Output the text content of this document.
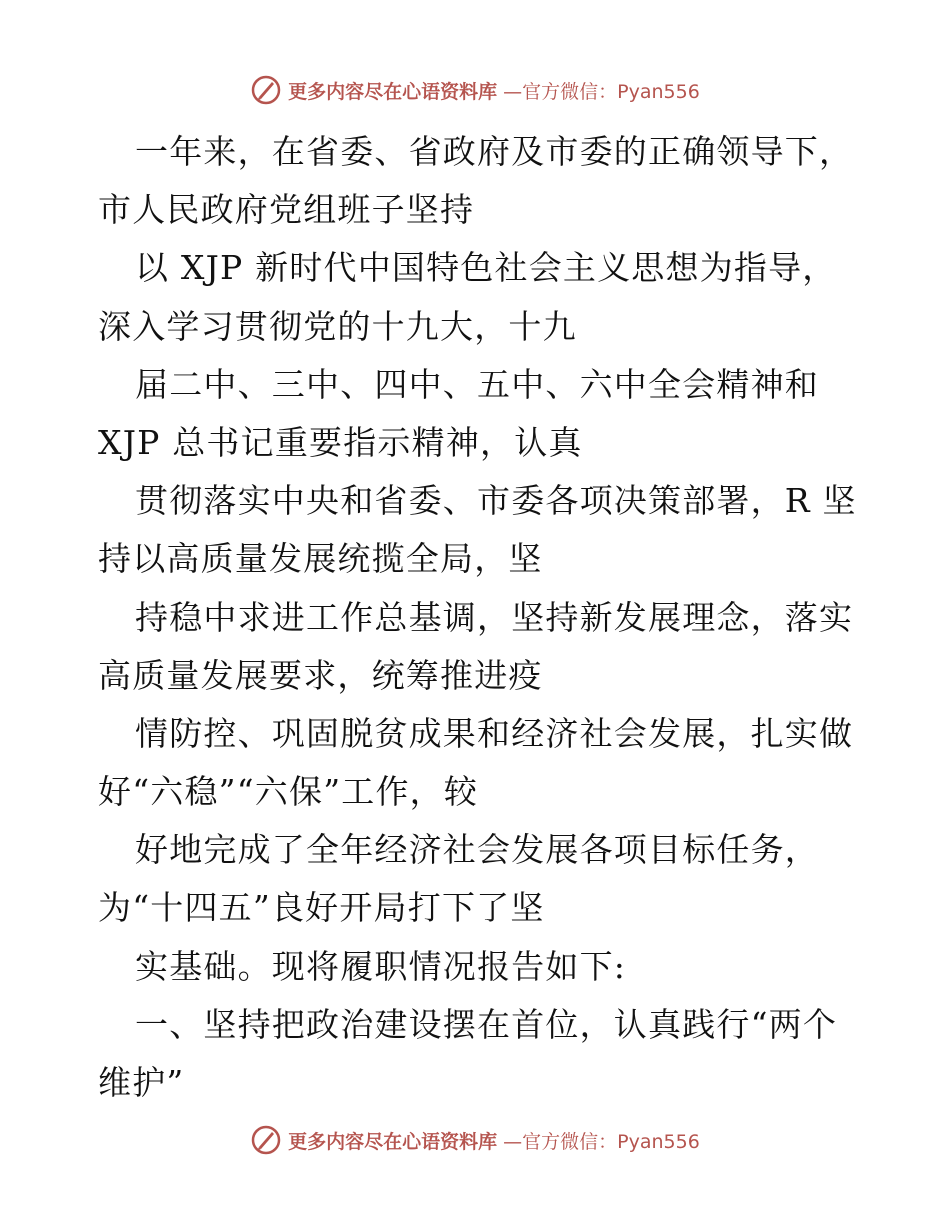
更多内容尽在心语资料库 —官方微信：Pyan556
一年来，在省委、省政府及市委的正确领导下，
市人民政府党组班子坚持
以 XJP 新时代中国特色社会主义思想为指导，
深入学习贯彻党的十九大，十九
届二中、三中、四中、五中、六中全会精神和
XJP 总书记重要指示精神，认真
贯彻落实中央和省委、市委各项决策部署，R 坚
持以高质量发展统揽全局，坚
持稳中求进工作总基调，坚持新发展理念，落实
高质量发展要求，统筹推进疫
情防控、巩固脱贫成果和经济社会发展，扎实做
好“六稳”“六保”工作，较
好地完成了全年经济社会发展各项目标任务，
为“十四五”良好开局打下了坚
实基础。现将履职情况报告如下:
一、坚持把政治建设摆在首位，认真践行“两个
维护”
更多内容尽在心语资料库 —官方微信：Pyan556
